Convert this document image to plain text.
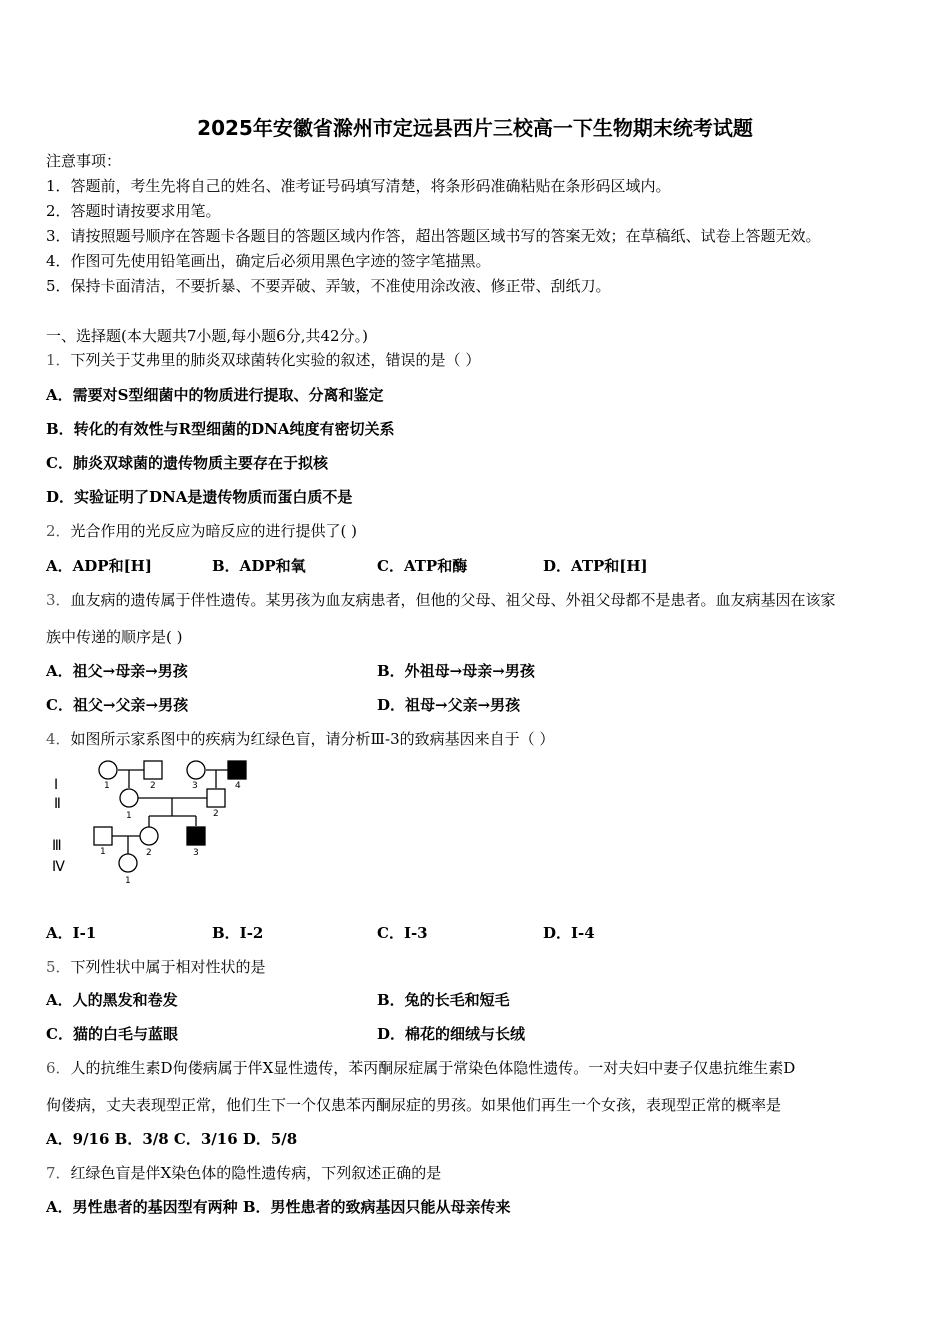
2025年安徽省滁州市定远县西片三校高一下生物期末统考试题
注意事项：
1．答题前，考生先将自己的姓名、准考证号码填写清楚，将条形码准确粘贴在条形码区域内。
2．答题时请按要求用笔。
3．请按照题号顺序在答题卡各题目的答题区域内作答，超出答题区域书写的答案无效；在草稿纸、试卷上答题无效。
4．作图可先使用铅笔画出，确定后必须用黑色字迹的签字笔描黑。
5．保持卡面清洁，不要折暴、不要弄破、弄皱，不准使用涂改液、修正带、刮纸刀。
一、选择题(本大题共7小题,每小题6分,共42分。)
1．下列关于艾弗里的肺炎双球菌转化实验的叙述，错误的是（ ）
A．需要对S型细菌中的物质进行提取、分离和鉴定
B．转化的有效性与R型细菌的DNA纯度有密切关系
C．肺炎双球菌的遗传物质主要存在于拟核
D．实验证明了DNA是遗传物质而蛋白质不是
2．光合作用的光反应为暗反应的进行提供了( )
A．ADP和[H]	B．ADP和氧	C．ATP和酶	D．ATP和[H]
3．血友病的遗传属于伴性遗传。某男孩为血友病患者，但他的父母、祖父母、外祖父母都不是患者。血友病基因在该家
族中传递的顺序是( )
A．祖父→母亲→男孩	B．外祖母→母亲→男孩
C．祖父→父亲→男孩	D．祖母→父亲→男孩
4．如图所示家系图中的疾病为红绿色盲，请分析Ⅲ-3的致病基因来自于（ ）
Ⅰ
Ⅱ
Ⅲ
Ⅳ
1	2	3	4
1	2
1	2	3
1
A．Ⅰ-1	B．Ⅰ-2	C．Ⅰ-3	D．Ⅰ-4
5．下列性状中属于相对性状的是
A．人的黑发和卷发	B．兔的长毛和短毛
C．猫的白毛与蓝眼	D．棉花的细绒与长绒
6．人的抗维生素D佝偻病属于伴X显性遗传，苯丙酮尿症属于常染色体隐性遗传。一对夫妇中妻子仅患抗维生素D
佝偻病，丈夫表现型正常，他们生下一个仅患苯丙酮尿症的男孩。如果他们再生一个女孩，表现型正常的概率是
A．9/16 B．3/8 C．3/16 D．5/8
7．红绿色盲是伴X染色体的隐性遗传病，下列叙述正确的是
A．男性患者的基因型有两种 B．男性患者的致病基因只能从母亲传来
